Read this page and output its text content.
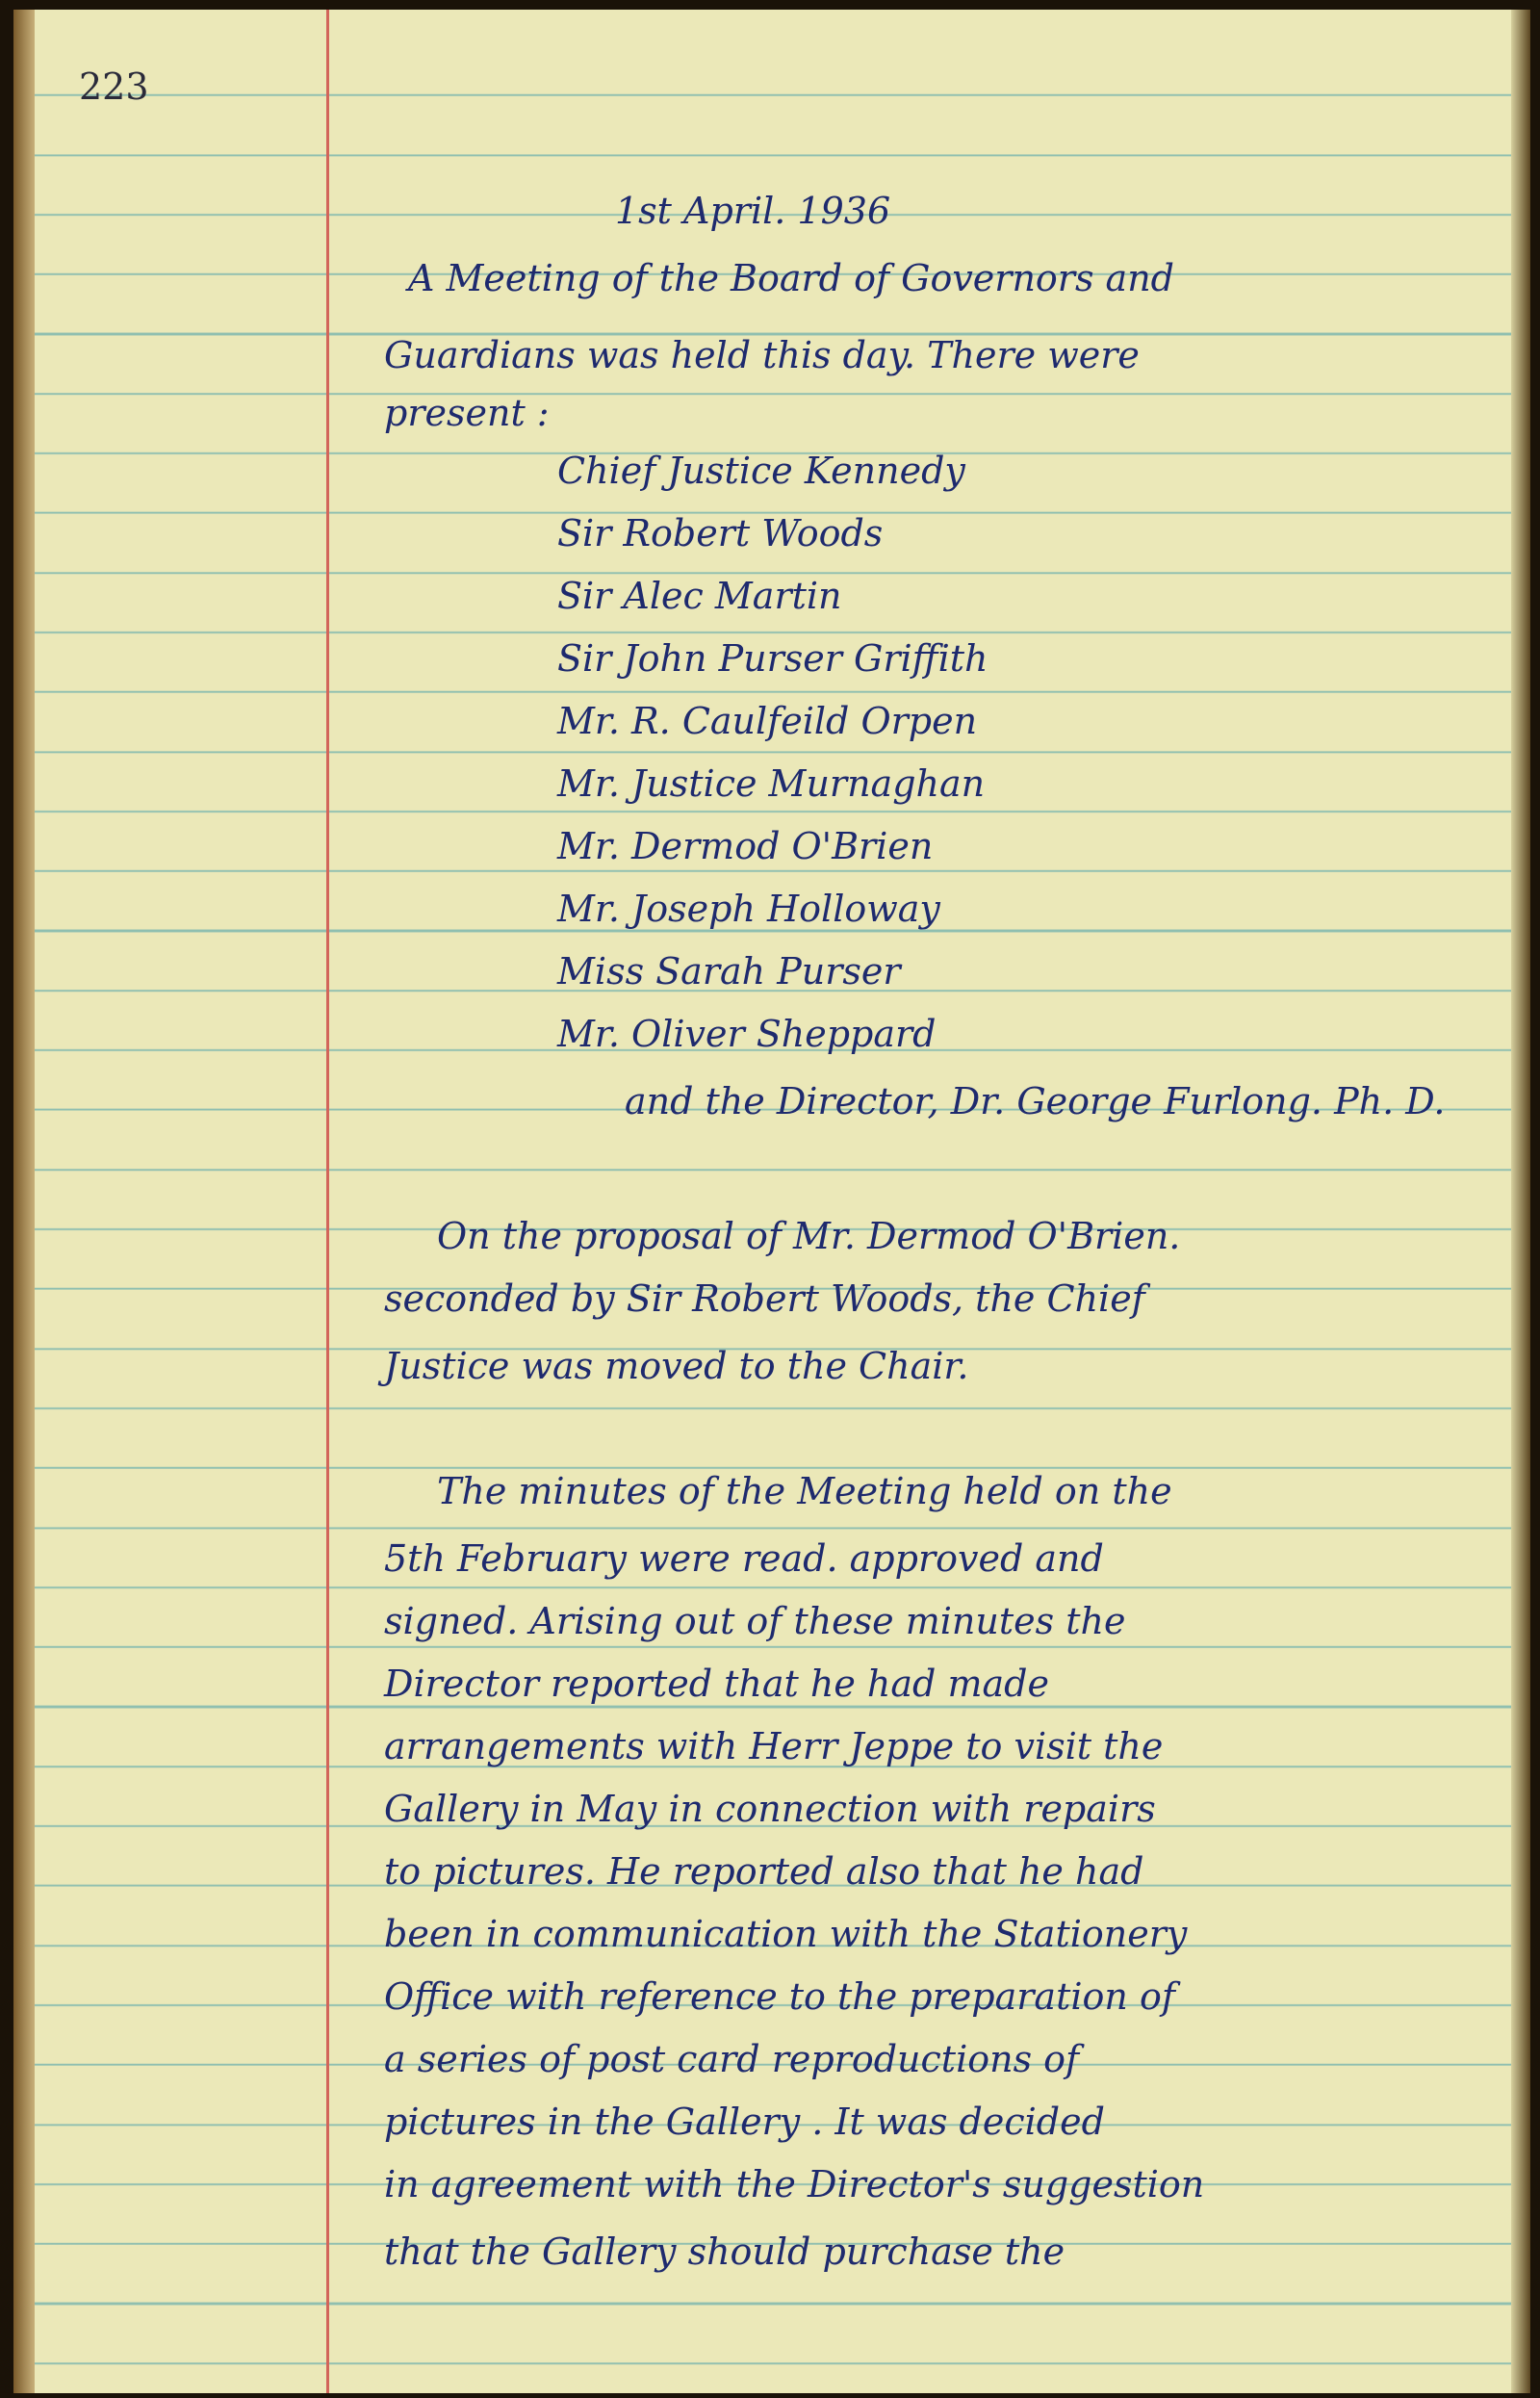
223

1st April. 1936

A Meeting of the Board of Governors and

Guardians was held this day. There were

present :

Chief Justice Kennedy

Sir Robert Woods

Sir Alec Martin

Sir John Purser Griffith

Mr. R. Caulfeild Orpen

Mr. Justice Murnaghan

Mr. Dermod O'Brien

Mr. Joseph Holloway

Miss Sarah Purser

Mr. Oliver Sheppard

and the Director, Dr. George Furlong. Ph. D.

On the proposal of Mr. Dermod O'Brien.

seconded by Sir Robert Woods, the Chief

Justice was moved to the Chair.

The minutes of the Meeting held on the

5th February were read. approved and

signed. Arising out of these minutes the

Director reported that he had made

arrangements with Herr Jeppe to visit the

Gallery in May in connection with repairs

to pictures. He reported also that he had

been in communication with the Stationery

Office with reference to the preparation of

a series of post card reproductions of

pictures in the Gallery . It was decided

in agreement with the Director's suggestion

that the Gallery should purchase the
